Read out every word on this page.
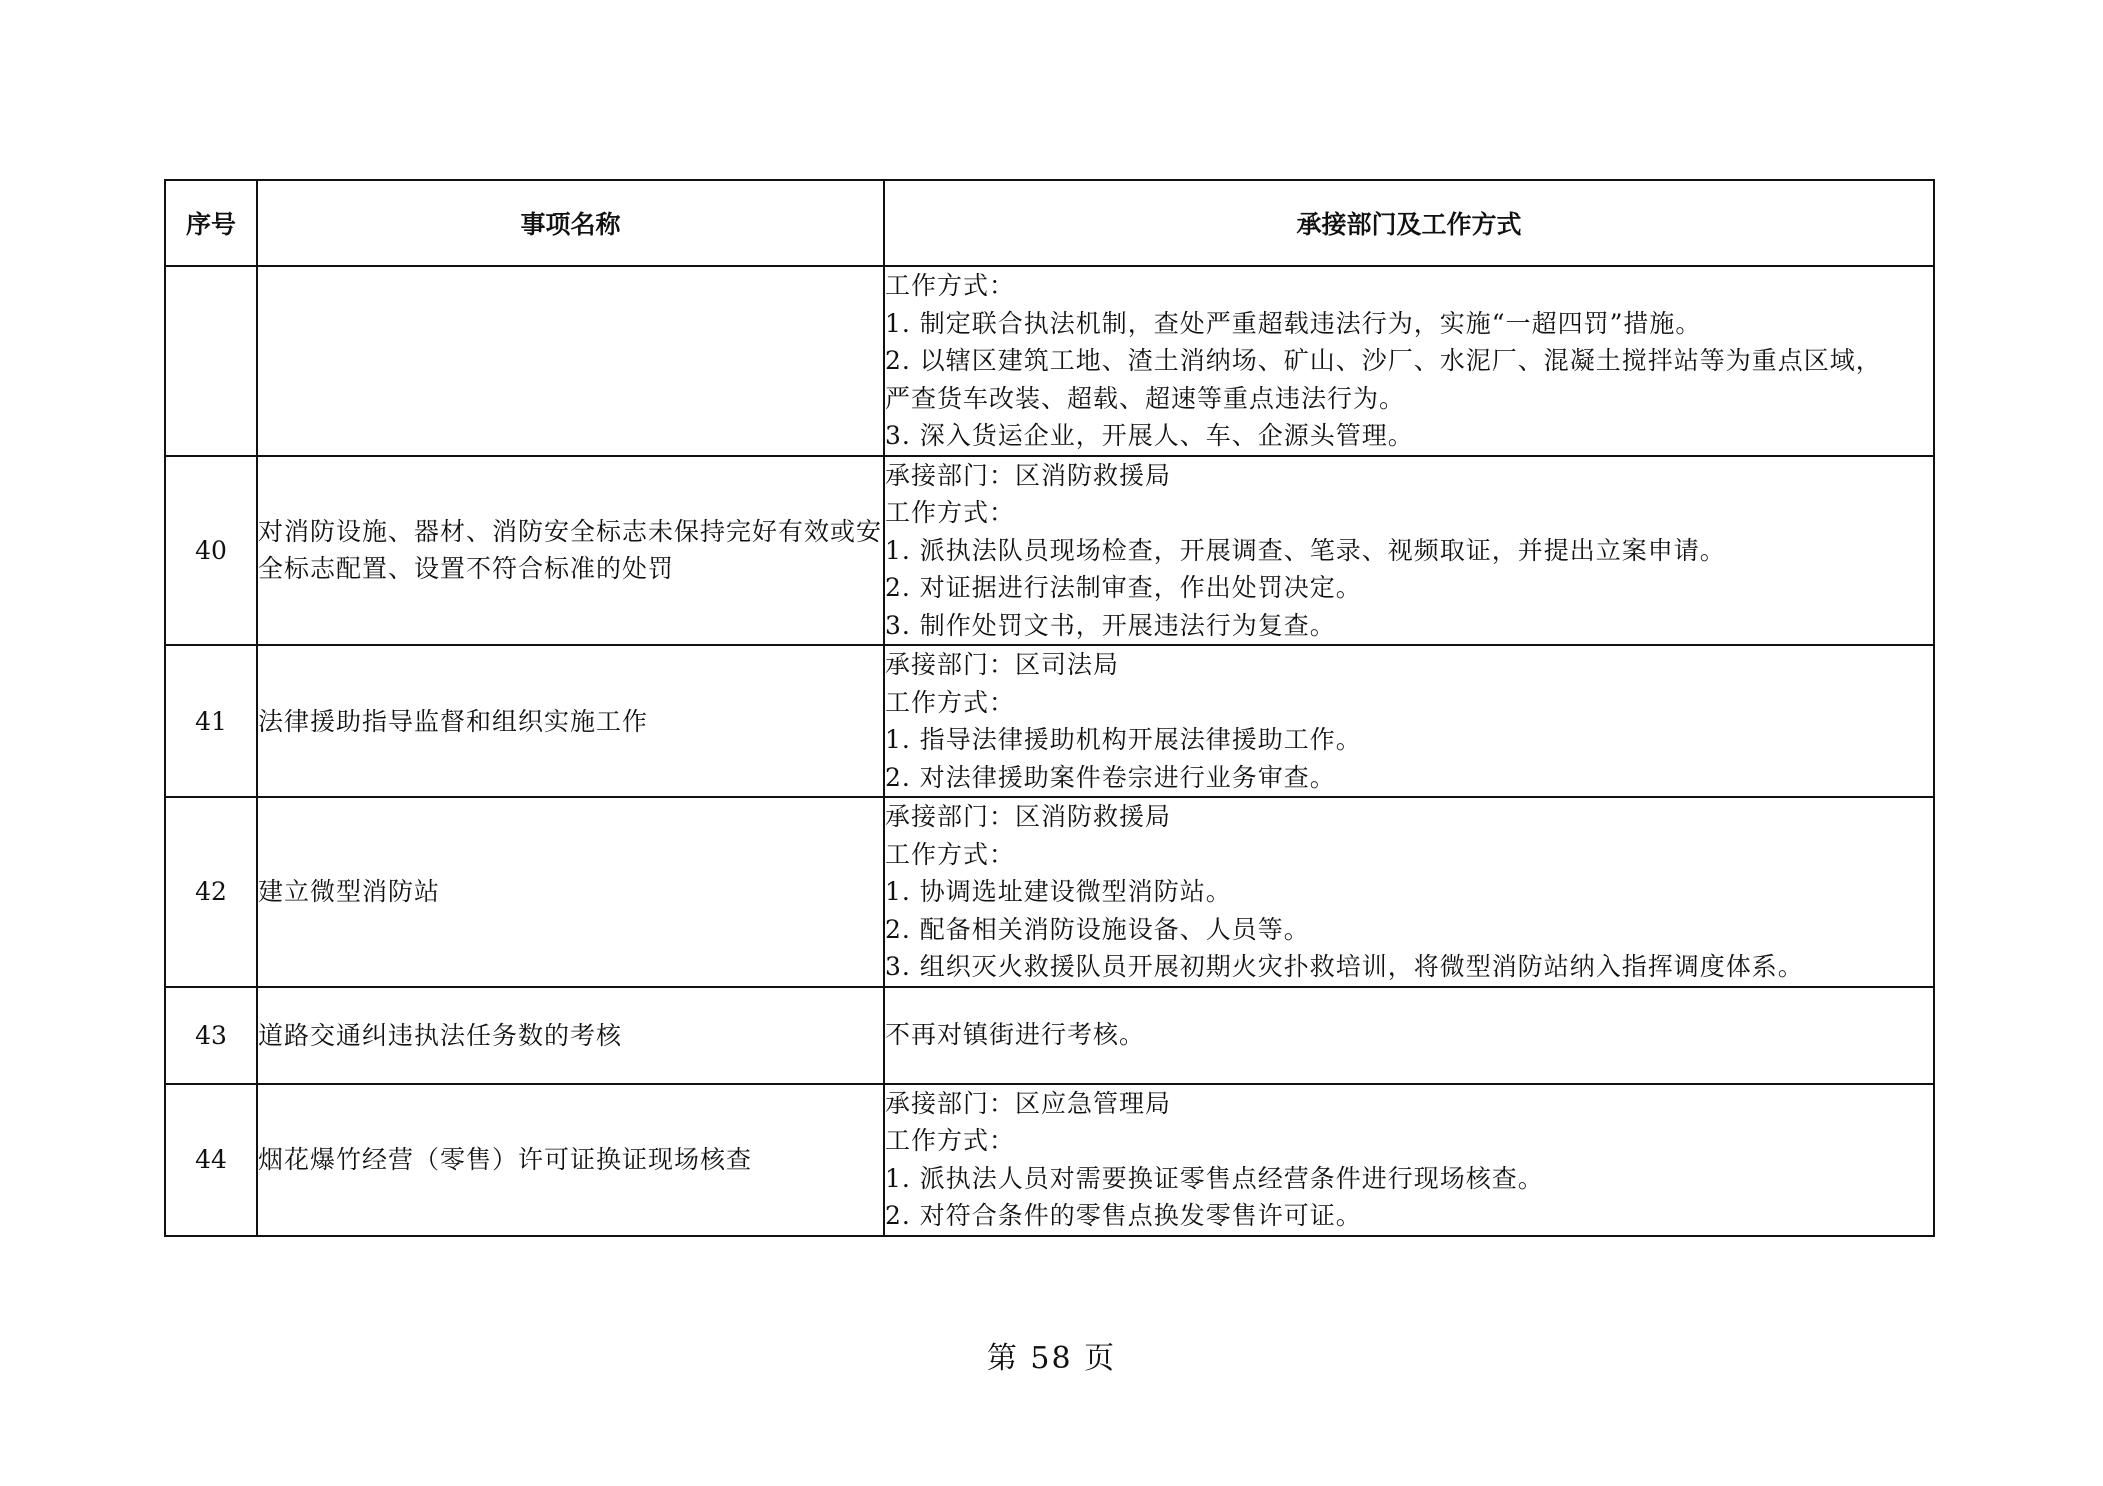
序号	事项名称	承接部门及工作方式

		工作方式：
1. 制定联合执法机制，查处严重超载违法行为，实施“一超四罚”措施。
2. 以辖区建筑工地、渣土消纳场、矿山、沙厂、水泥厂、混凝土搅拌站等为重点区域，
严查货车改装、超载、超速等重点违法行为。
3. 深入货运企业，开展人、车、企源头管理。

40	对消防设施、器材、消防安全标志未保持完好有效或安全标志配置、设置不符合标准的处罚	承接部门：区消防救援局
工作方式：
1. 派执法队员现场检查，开展调查、笔录、视频取证，并提出立案申请。
2. 对证据进行法制审查，作出处罚决定。
3. 制作处罚文书，开展违法行为复查。

41	法律援助指导监督和组织实施工作	承接部门：区司法局
工作方式：
1. 指导法律援助机构开展法律援助工作。
2. 对法律援助案件卷宗进行业务审查。

42	建立微型消防站	承接部门：区消防救援局
工作方式：
1. 协调选址建设微型消防站。
2. 配备相关消防设施设备、人员等。
3. 组织灭火救援队员开展初期火灾扑救培训，将微型消防站纳入指挥调度体系。

43	道路交通纠违执法任务数的考核	不再对镇街进行考核。

44	烟花爆竹经营（零售）许可证换证现场核查	承接部门：区应急管理局
工作方式：
1. 派执法人员对需要换证零售点经营条件进行现场核查。
2. 对符合条件的零售点换发零售许可证。
第 58 页
